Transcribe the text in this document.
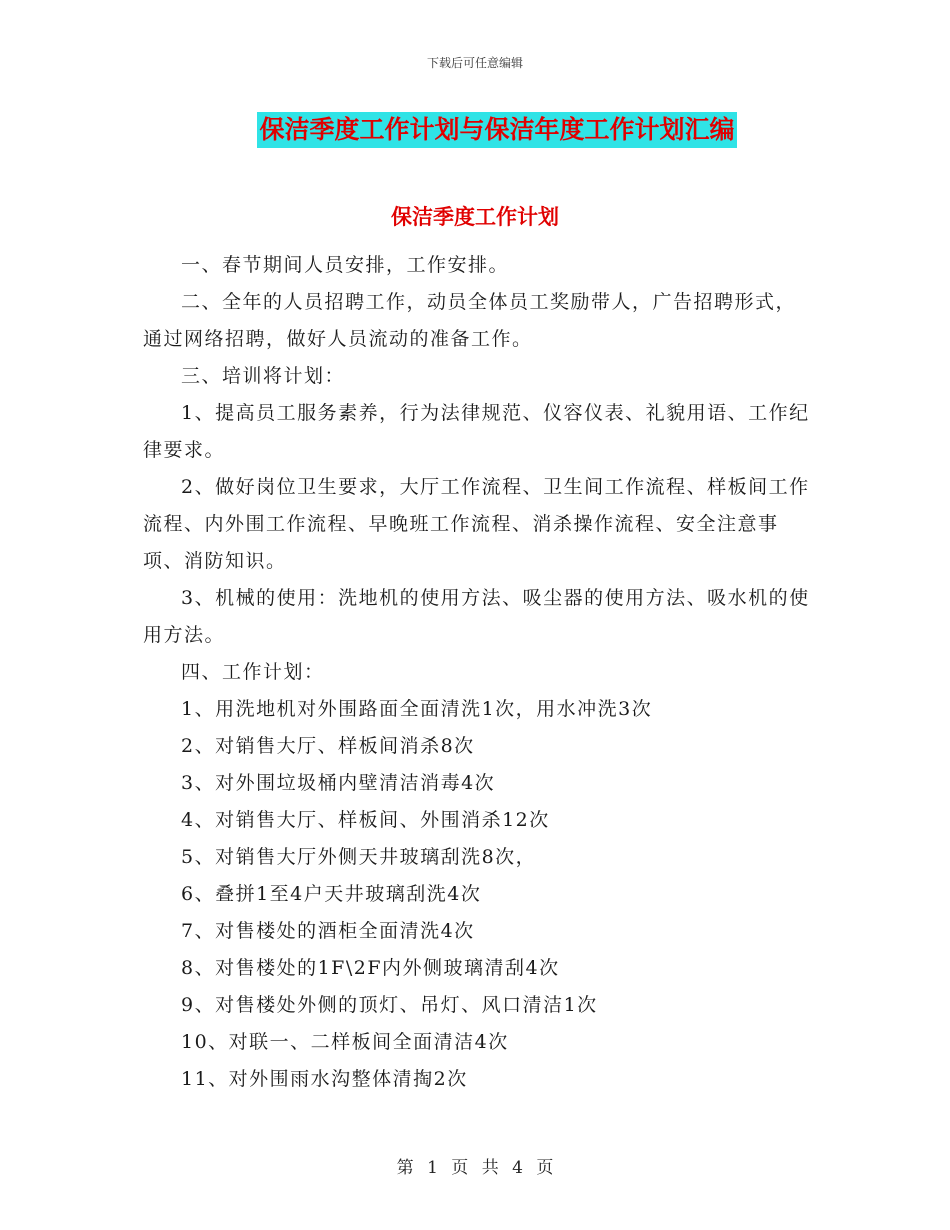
下载后可任意编辑
保洁季度工作计划与保洁年度工作计划汇编
保洁季度工作计划

一、春节期间人员安排，工作安排。

二、全年的人员招聘工作，动员全体员工奖励带人，广告招聘形式，通过网络招聘，做好人员流动的准备工作。

三、培训将计划：

1、提高员工服务素养，行为法律规范、仪容仪表、礼貌用语、工作纪律要求。

2、做好岗位卫生要求，大厅工作流程、卫生间工作流程、样板间工作流程、内外围工作流程、早晚班工作流程、消杀操作流程、安全注意事项、消防知识。

3、机械的使用：洗地机的使用方法、吸尘器的使用方法、吸水机的使用方法。

四、工作计划：

1、用洗地机对外围路面全面清洗1次，用水冲洗3次

2、对销售大厅、样板间消杀8次

3、对外围垃圾桶内壁清洁消毒4次

4、对销售大厅、样板间、外围消杀12次

5、对销售大厅外侧天井玻璃刮洗8次，

6、叠拼1至4户天井玻璃刮洗4次

7、对售楼处的酒柜全面清洗4次

8、对售楼处的1F\2F内外侧玻璃清刮4次

9、对售楼处外侧的顶灯、吊灯、风口清洁1次

10、对联一、二样板间全面清洁4次

11、对外围雨水沟整体清掏2次

第 1 页 共 4 页
